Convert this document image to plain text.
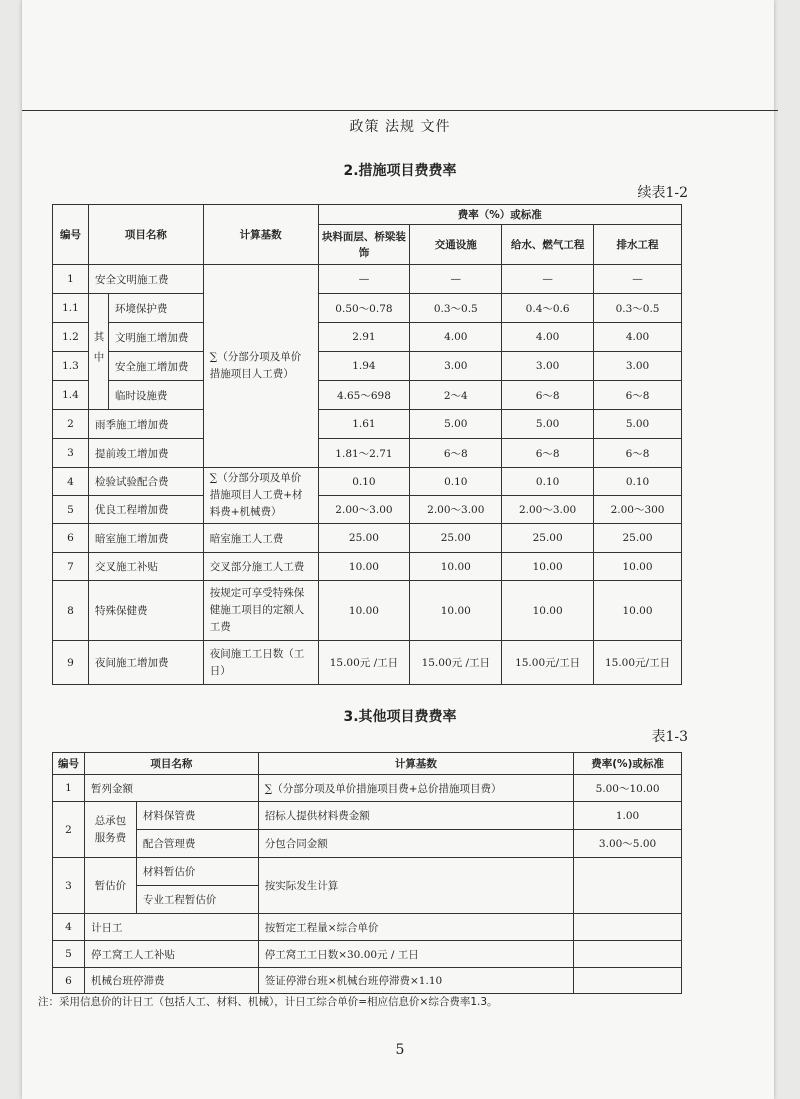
政策 法规 文件
2.措施项目费费率
续表1-2
编号	项目名称		计算基数	费率（%）或标准			
				块料面层、桥梁装饰	交通设施	给水、燃气工程	排水工程
1	安全文明施工费		∑（分部分项及单价措施项目人工费）	—	—	—	—
1.1	其中	环境保护费		0.50～0.78	0.3～0.5	0.4～0.6	0.3～0.5
1.2		文明施工增加费		2.91	4.00	4.00	4.00
1.3		安全施工增加费		1.94	3.00	3.00	3.00
1.4		临时设施费		4.65～698	2～4	6～8	6～8
2	雨季施工增加费			1.61	5.00	5.00	5.00
3	提前竣工增加费			1.81～2.71	6～8	6～8	6～8
4	检验试验配合费		∑（分部分项及单价措施项目人工费+材料费+机械费）	0.10	0.10	0.10	0.10
5	优良工程增加费			2.00～3.00	2.00～3.00	2.00～3.00	2.00～300
6	暗室施工增加费		暗室施工人工费	25.00	25.00	25.00	25.00
7	交叉施工补贴		交叉部分施工人工费	10.00	10.00	10.00	10.00
8	特殊保健费		按规定可享受特殊保健施工项目的定额人工费	10.00	10.00	10.00	10.00
9	夜间施工增加费		夜间施工工日数（工日）	15.00元 /工日	15.00元 /工日	15.00元/工日	15.00元/工日
3.其他项目费费率
表1-3
编号	项目名称		计算基数	费率(%)或标准
1	暂列金额		∑（分部分项及单价措施项目费+总价措施项目费）	5.00～10.00
2	总承包服务费	材料保管费	招标人提供材料费金额	1.00
		配合管理费	分包合同金额	3.00～5.00
3	暂估价	材料暂估价	按实际发生计算	
		专业工程暂估价		
4	计日工		按暂定工程量×综合单价	
5	停工窝工人工补贴		停工窝工工日数×30.00元 / 工日	
6	机械台班停滞费		签证停滞台班×机械台班停滞费×1.10	
注：采用信息价的计日工（包括人工、材料、机械），计日工综合单价=相应信息价×综合费率1.3。
5
